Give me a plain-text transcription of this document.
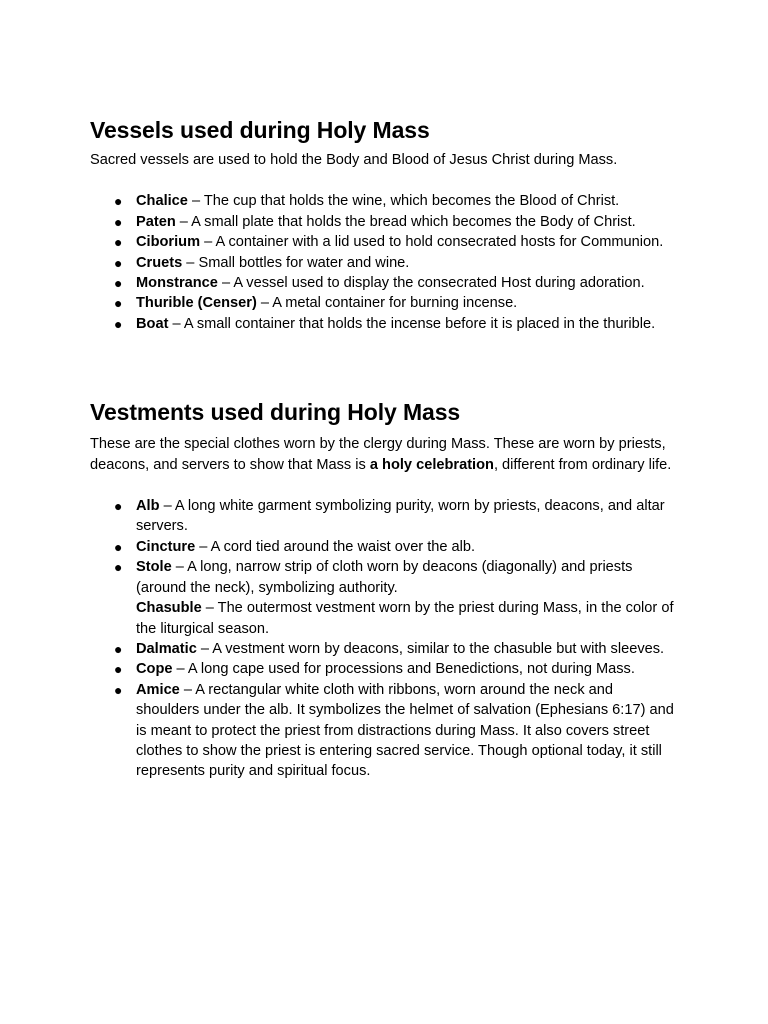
Vessels used during Holy Mass

Sacred vessels are used to hold the Body and Blood of Jesus Christ during Mass.

● Chalice – The cup that holds the wine, which becomes the Blood of Christ.
● Paten – A small plate that holds the bread which becomes the Body of Christ.
● Ciborium – A container with a lid used to hold consecrated hosts for Communion.
● Cruets – Small bottles for water and wine.
● Monstrance – A vessel used to display the consecrated Host during adoration.
● Thurible (Censer) – A metal container for burning incense.
● Boat – A small container that holds the incense before it is placed in the thurible.
Vestments used during Holy Mass

These are the special clothes worn by the clergy during Mass. These are worn by priests, deacons, and servers to show that Mass is a holy celebration, different from ordinary life.

● Alb – A long white garment symbolizing purity, worn by priests, deacons, and altar servers.
● Cincture – A cord tied around the waist over the alb.
● Stole – A long, narrow strip of cloth worn by deacons (diagonally) and priests (around the neck), symbolizing authority.
Chasuble – The outermost vestment worn by the priest during Mass, in the color of the liturgical season.
● Dalmatic – A vestment worn by deacons, similar to the chasuble but with sleeves.
● Cope – A long cape used for processions and Benedictions, not during Mass.
● Amice – A rectangular white cloth with ribbons, worn around the neck and shoulders under the alb. It symbolizes the helmet of salvation (Ephesians 6:17) and is meant to protect the priest from distractions during Mass. It also covers street clothes to show the priest is entering sacred service. Though optional today, it still represents purity and spiritual focus.
